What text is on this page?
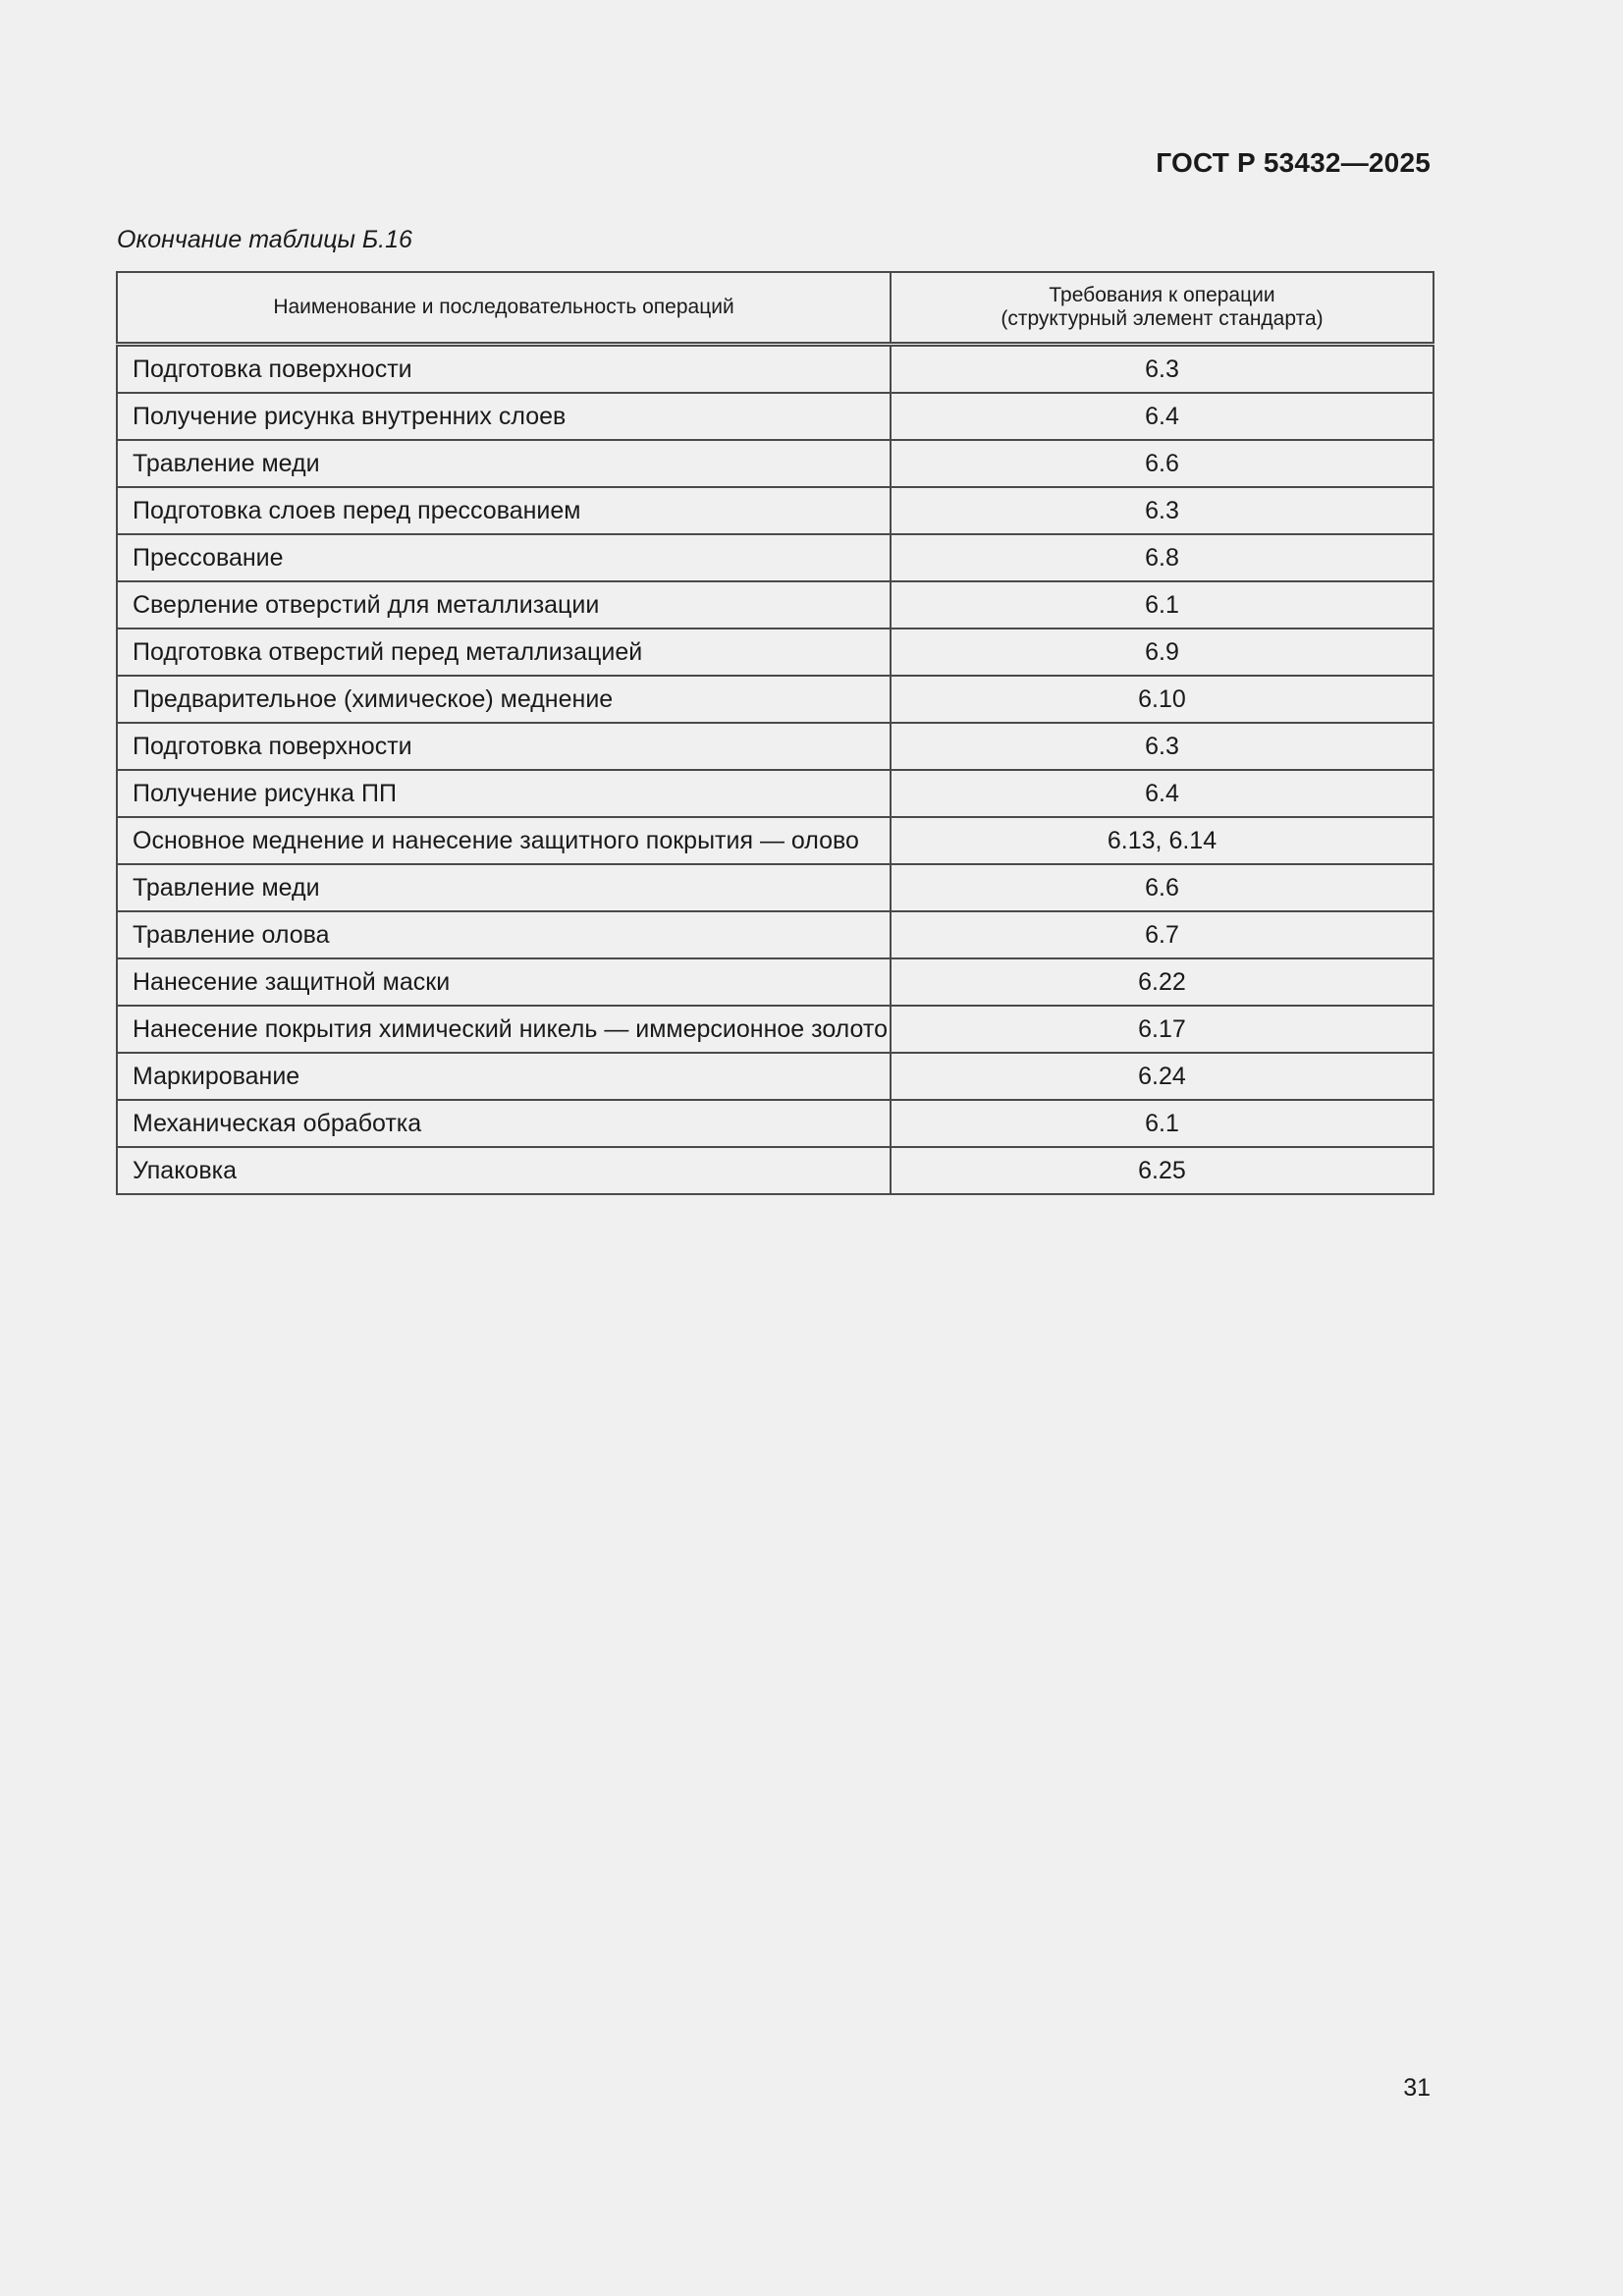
ГОСТ Р 53432—2025
Окончание таблицы Б.16
Наименование и последовательность операций	Требования к операции
(структурный элемент стандарта)

Подготовка поверхности	6.3
Получение рисунка внутренних слоев	6.4
Травление меди	6.6
Подготовка слоев перед прессованием	6.3
Прессование	6.8
Сверление отверстий для металлизации	6.1
Подготовка отверстий перед металлизацией	6.9
Предварительное (химическое) меднение	6.10
Подготовка поверхности	6.3
Получение рисунка ПП	6.4
Основное меднение и нанесение защитного покрытия — олово	6.13, 6.14
Травление меди	6.6
Травление олова	6.7
Нанесение защитной маски	6.22
Нанесение покрытия химический никель — иммерсионное золото	6.17
Маркирование	6.24
Механическая обработка	6.1
Упаковка	6.25
31
